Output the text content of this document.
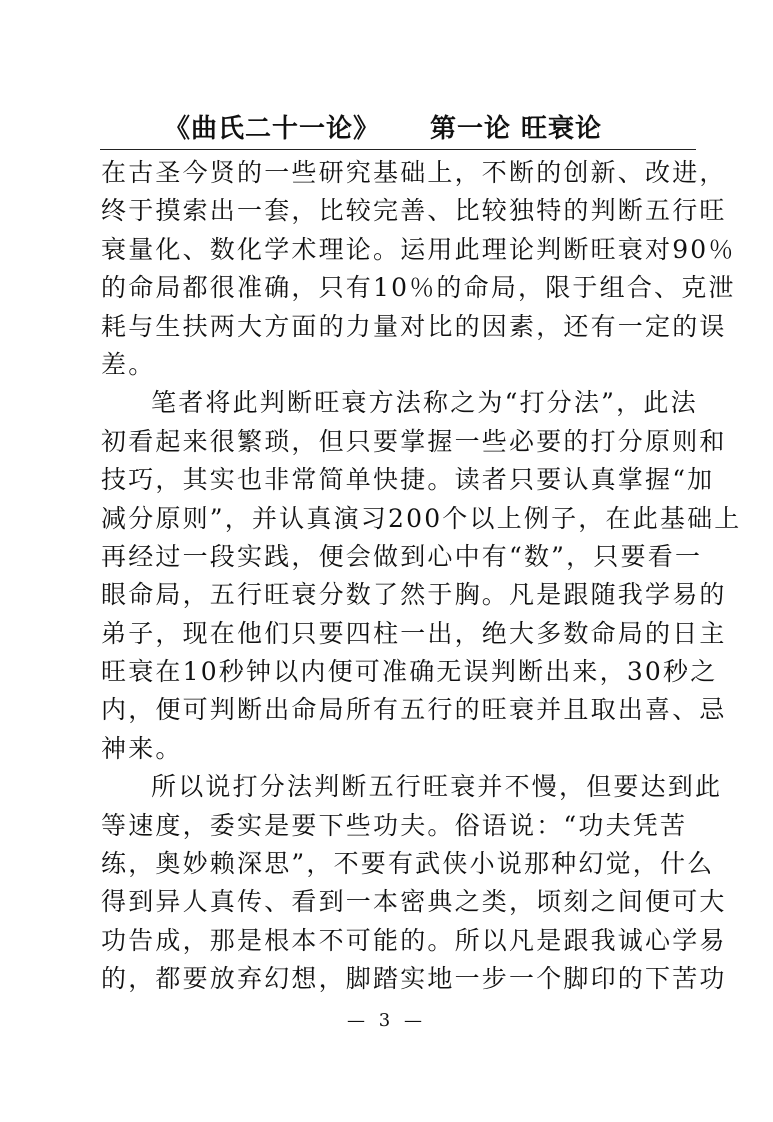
《曲氏二十一论》 第一论 旺衰论
在古圣今贤的一些研究基础上，不断的创新、改进，
终于摸索出一套，比较完善、比较独特的判断五行旺
衰量化、数化学术理论。运用此理论判断旺衰对90％
的命局都很准确，只有10％的命局，限于组合、克泄
耗与生扶两大方面的力量对比的因素，还有一定的误
差。
笔者将此判断旺衰方法称之为“打分法”，此法
初看起来很繁琐，但只要掌握一些必要的打分原则和
技巧，其实也非常简单快捷。读者只要认真掌握“加
减分原则”，并认真演习200个以上例子，在此基础上
再经过一段实践，便会做到心中有“数”，只要看一
眼命局，五行旺衰分数了然于胸。凡是跟随我学易的
弟子，现在他们只要四柱一出，绝大多数命局的日主
旺衰在10秒钟以内便可准确无误判断出来，30秒之
内，便可判断出命局所有五行的旺衰并且取出喜、忌
神来。
所以说打分法判断五行旺衰并不慢，但要达到此
等速度，委实是要下些功夫。俗语说：“功夫凭苦
练，奥妙赖深思”，不要有武侠小说那种幻觉，什么
得到异人真传、看到一本密典之类，顷刻之间便可大
功告成，那是根本不可能的。所以凡是跟我诚心学易
的，都要放弃幻想，脚踏实地一步一个脚印的下苦功
— 3 —
